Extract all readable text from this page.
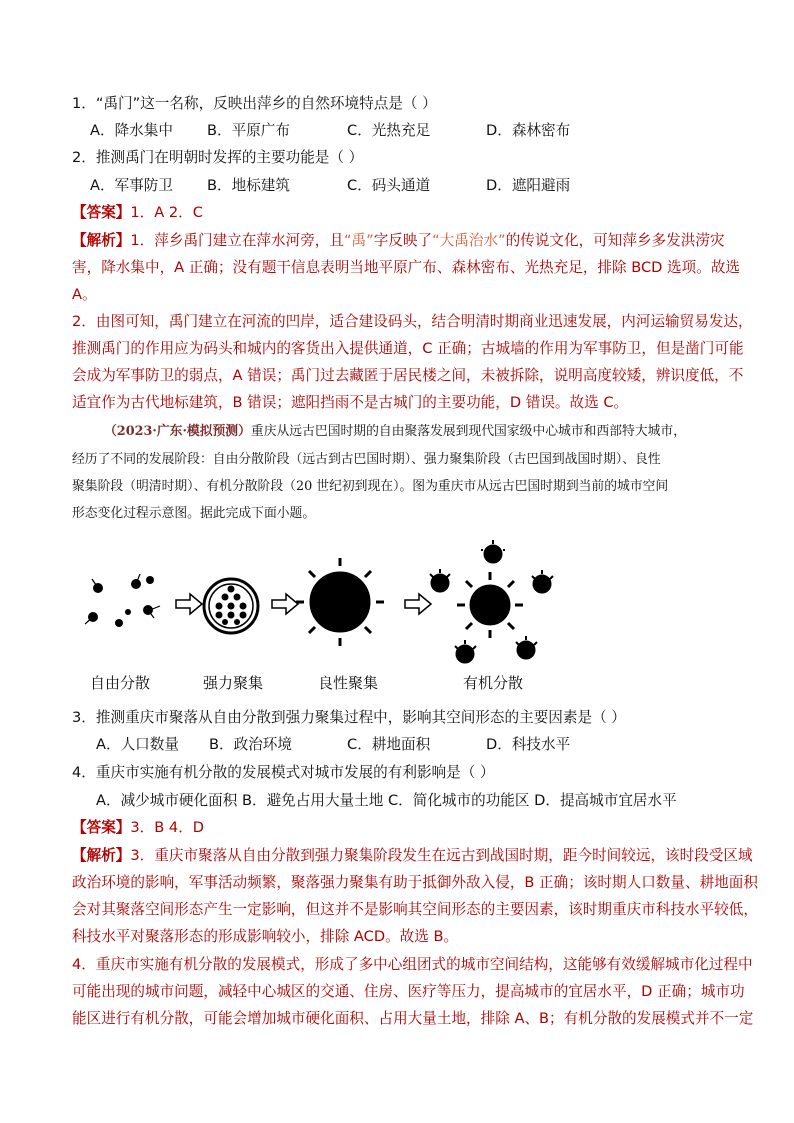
1．“禹门”这一名称，反映出萍乡的自然环境特点是（ ）
A．降水集中 B．平原广布	C．光热充足	D．森林密布
2．推测禹门在明朝时发挥的主要功能是（ ）
A．军事防卫 B．地标建筑	C．码头通道	D．遮阳避雨
【答案】1．A 2．C
【解析】1．萍乡禹门建立在萍水河旁，且“禹”字反映了“大禹治水”的传说文化，可知萍乡多发洪涝灾
害，降水集中，A 正确；没有题干信息表明当地平原广布、森林密布、光热充足，排除 BCD 选项。故选
A。
2．由图可知，禹门建立在河流的凹岸，适合建设码头，结合明清时期商业迅速发展，内河运输贸易发达，
推测禹门的作用应为码头和城内的客货出入提供通道，C 正确；古城墙的作用为军事防卫，但是凿门可能
会成为军事防卫的弱点，A 错误；禹门过去藏匿于居民楼之间，未被拆除，说明高度较矮，辨识度低，不
适宜作为古代地标建筑，B 错误；遮阳挡雨不是古城门的主要功能，D 错误。故选 C。
（2023·广东·模拟预测）重庆从远古巴国时期的自由聚落发展到现代国家级中心城市和西部特大城市，
经历了不同的发展阶段：自由分散阶段（远古到古巴国时期）、强力聚集阶段（古巴国到战国时期）、良性
聚集阶段（明清时期）、有机分散阶段（20 世纪初到现在）。图为重庆市从远古巴国时期到当前的城市空间
形态变化过程示意图。据此完成下面小题。
自由分散	强力聚集	良性聚集	有机分散
3．推测重庆市聚落从自由分散到强力聚集过程中，影响其空间形态的主要因素是（ ）
A．人口数量 B．政治环境	C．耕地面积	D．科技水平
4．重庆市实施有机分散的发展模式对城市发展的有利影响是（ ）
A．减少城市硬化面积 B．避免占用大量土地 C．简化城市的功能区 D．提高城市宜居水平
【答案】3．B 4．D
【解析】3．重庆市聚落从自由分散到强力聚集阶段发生在远古到战国时期，距今时间较远，该时段受区域
政治环境的影响，军事活动频繁，聚落强力聚集有助于抵御外敌入侵，B 正确；该时期人口数量、耕地面积
会对其聚落空间形态产生一定影响，但这并不是影响其空间形态的主要因素，该时期重庆市科技水平较低，
科技水平对聚落形态的形成影响较小，排除 ACD。故选 B。
4．重庆市实施有机分散的发展模式，形成了多中心组团式的城市空间结构，这能够有效缓解城市化过程中
可能出现的城市问题，减轻中心城区的交通、住房、医疗等压力，提高城市的宜居水平，D 正确；城市功
能区进行有机分散，可能会增加城市硬化面积、占用大量土地，排除 A、B；有机分散的发展模式并不一定
